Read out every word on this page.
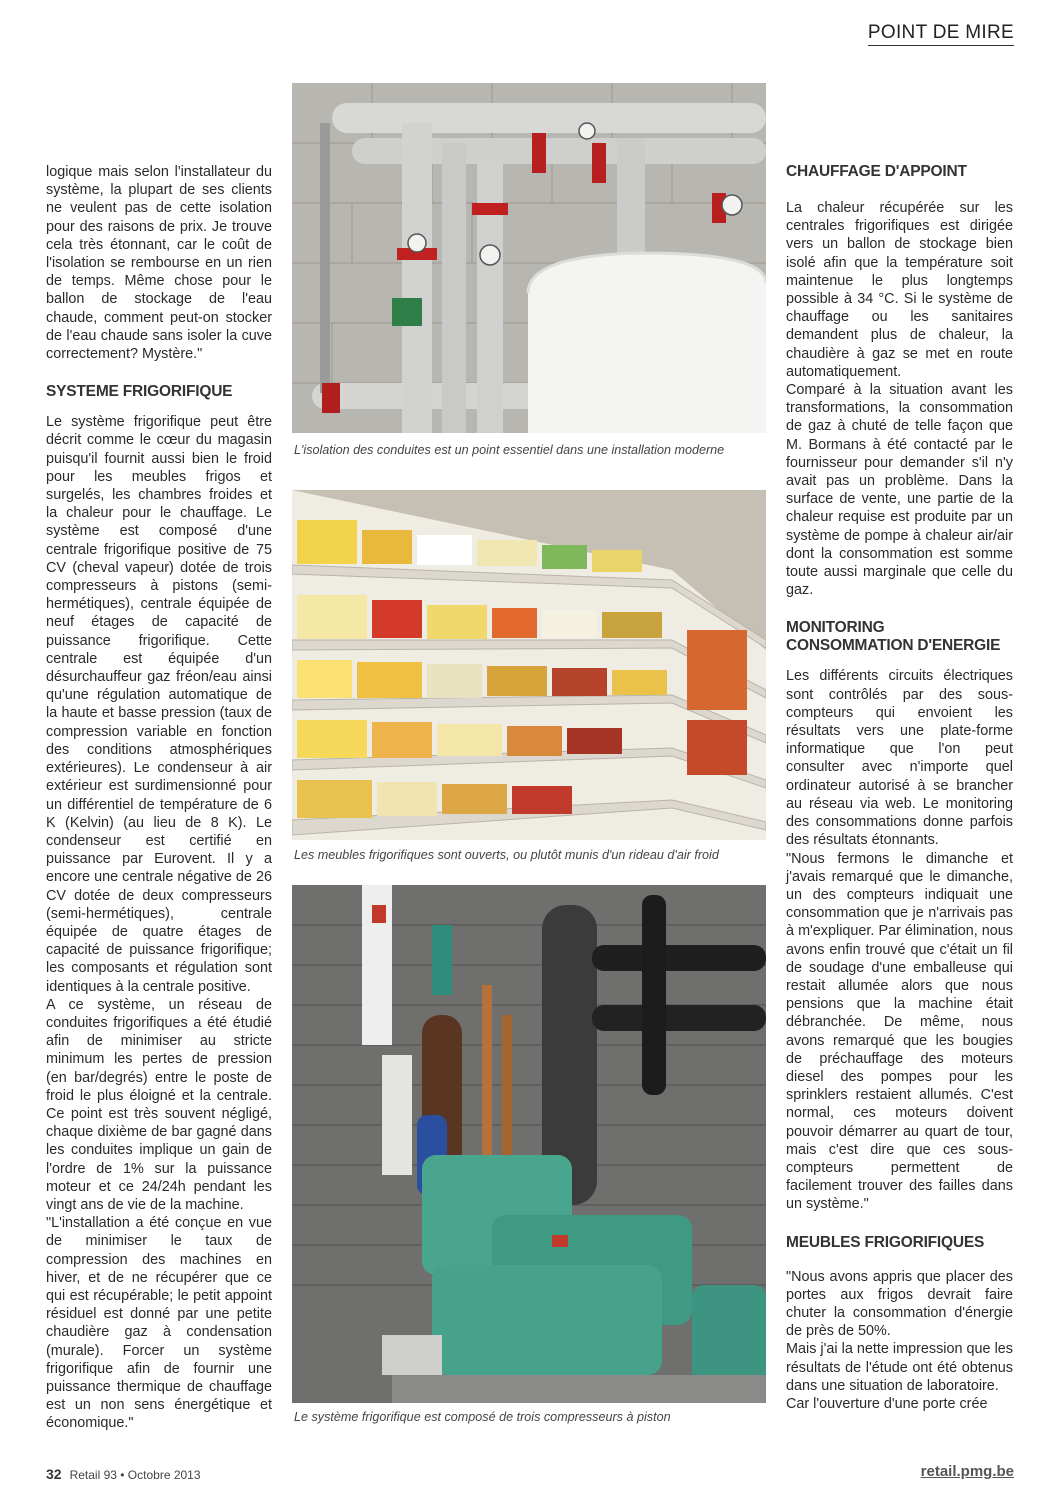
POINT DE MIRE

logique mais selon l'installateur du système, la plupart de ses clients ne veulent pas de cette isolation pour des raisons de prix. Je trouve cela très étonnant, car le coût de l'isolation se rembourse en un rien de temps. Même chose pour le ballon de stockage de l'eau chaude, comment peut-on stocker de l'eau chaude sans isoler la cuve correctement? Mystère."

SYSTEME FRIGORIFIQUE

Le système frigorifique peut être décrit comme le cœur du magasin puisqu'il fournit aussi bien le froid pour les meubles frigos et surgelés, les chambres froides et la chaleur pour le chauffage. Le système est composé d'une centrale frigorifique positive de 75 CV (cheval vapeur) dotée de trois compresseurs à pistons (semi-hermétiques), centrale équipée de neuf étages de capacité de puissance frigorifique. Cette centrale est équipée d'un désurchauffeur gaz fréon/eau ainsi qu'une régulation automatique de la haute et basse pression (taux de compression variable en fonction des conditions atmosphériques extérieures). Le condenseur à air extérieur est surdimensionné pour un différentiel de température de 6 K (Kelvin) (au lieu de 8 K). Le condenseur est certifié en puissance par Eurovent. Il y a encore une centrale négative de 26 CV dotée de deux compresseurs (semi-hermétiques), centrale équipée de quatre étages de capacité de puissance frigorifique; les composants et régulation sont identiques à la centrale positive.

A ce système, un réseau de conduites frigorifiques a été étudié afin de minimiser au stricte minimum les pertes de pression (en bar/degrés) entre le poste de froid le plus éloigné et la centrale. Ce point est très souvent négligé, chaque dixième de bar gagné dans les conduites implique un gain de l'ordre de 1% sur la puissance moteur et ce 24/24h pendant les vingt ans de vie de la machine.

"L'installation a été conçue en vue de minimiser le taux de compression des machines en hiver, et de ne récupérer que ce qui est récupérable; le petit appoint résiduel est donné par une petite chaudière gaz à condensation (murale). Forcer un système frigorifique afin de fournir une puissance thermique de chauffage est un non sens énergétique et économique."

L'isolation des conduites est un point essentiel dans une installation moderne
Les meubles frigorifiques sont ouverts, ou plutôt munis d'un rideau d'air froid
Le système frigorifique est composé de trois compresseurs à piston
CHAUFFAGE D'APPOINT

La chaleur récupérée sur les centrales frigorifiques est dirigée vers un ballon de stockage bien isolé afin que la température soit maintenue le plus longtemps possible à 34 °C. Si le système de chauffage ou les sanitaires demandent plus de chaleur, la chaudière à gaz se met en route automatiquement.

Comparé à la situation avant les transformations, la consommation de gaz à chuté de telle façon que M. Bormans à été contacté par le fournisseur pour demander s'il n'y avait pas un problème. Dans la surface de vente, une partie de la chaleur requise est produite par un système de pompe à chaleur air/air dont la consommation est somme toute aussi marginale que celle du gaz.

MONITORING CONSOMMATION D'ENERGIE

Les différents circuits électriques sont contrôlés par des sous-compteurs qui envoient les résultats vers une plate-forme informatique que l'on peut consulter avec n'importe quel ordinateur autorisé à se brancher au réseau via web. Le monitoring des consommations donne parfois des résultats étonnants.

"Nous fermons le dimanche et j'avais remarqué que le dimanche, un des compteurs indiquait une consommation que je n'arrivais pas à m'expliquer. Par élimination, nous avons enfin trouvé que c'était un fil de soudage d'une emballeuse qui restait allumée alors que nous pensions que la machine était débranchée. De même, nous avons remarqué que les bougies de préchauffage des moteurs diesel des pompes pour les sprinklers restaient allumés. C'est normal, ces moteurs doivent pouvoir démarrer au quart de tour, mais c'est dire que ces sous-compteurs permettent de facilement trouver des failles dans un système."

MEUBLES FRIGORIFIQUES

"Nous avons appris que placer des portes aux frigos devrait faire chuter la consommation d'énergie de près de 50%.

Mais j'ai la nette impression que les résultats de l'étude ont été obtenus dans une situation de laboratoire.

Car l'ouverture d'une porte crée

32 Retail 93 • Octobre 2013	retail.pmg.be
